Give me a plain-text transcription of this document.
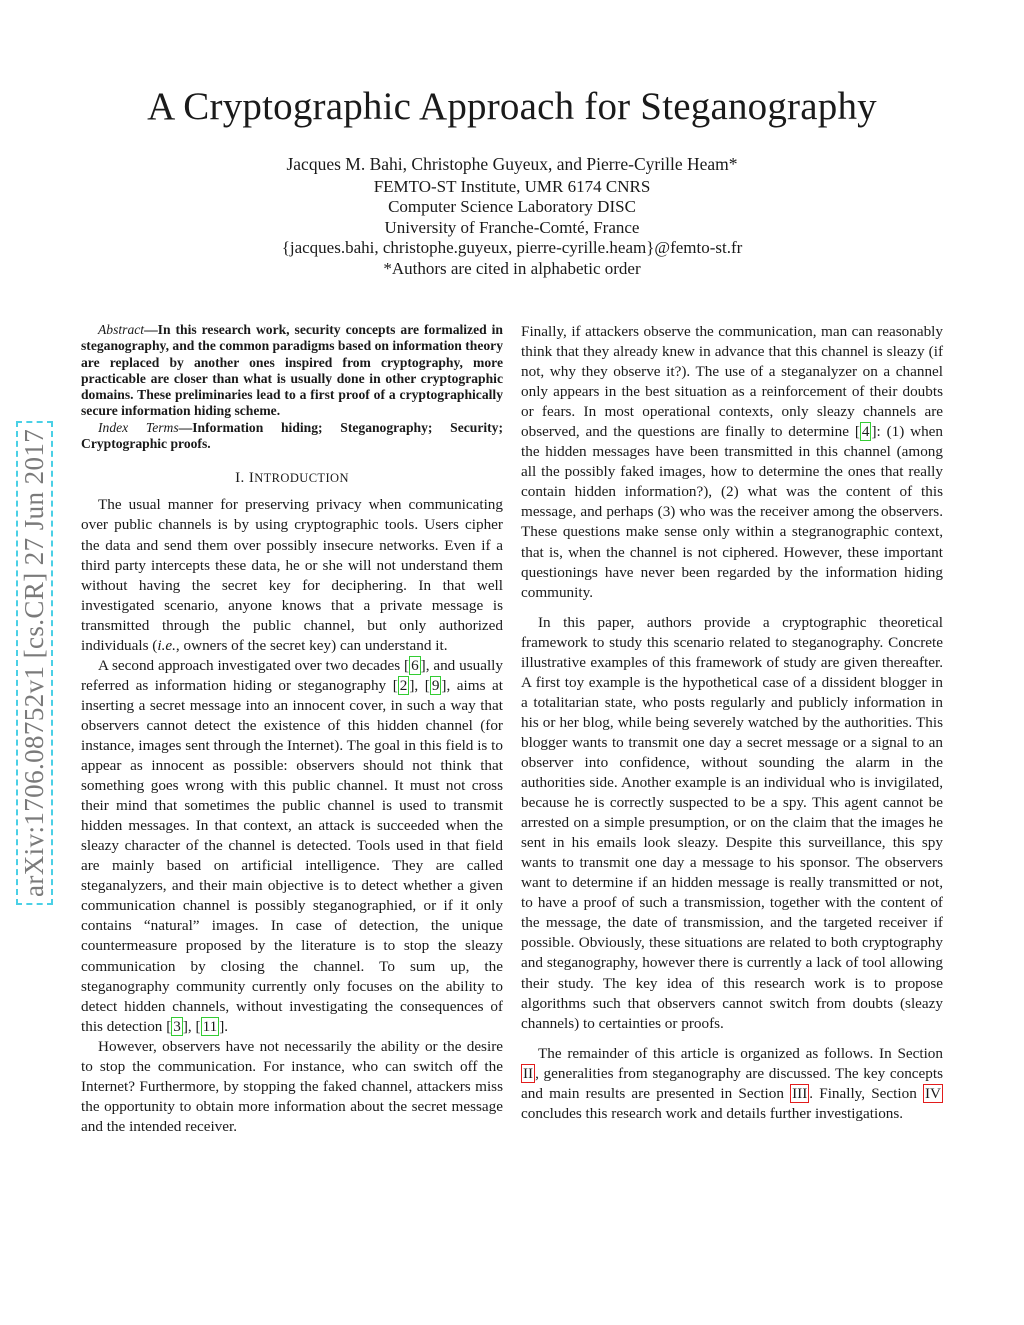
A Cryptographic Approach for Steganography
Jacques M. Bahi, Christophe Guyeux, and Pierre-Cyrille Heam*
FEMTO-ST Institute, UMR 6174 CNRS
Computer Science Laboratory DISC
University of Franche-Comté, France
{jacques.bahi, christophe.guyeux, pierre-cyrille.heam}@femto-st.fr
*Authors are cited in alphabetic order
arXiv:1706.08752v1 [cs.CR] 27 Jun 2017

Abstract—In this research work, security concepts are formalized in steganography, and the common paradigms based on information theory are replaced by another ones inspired from cryptography, more practicable are closer than what is usually done in other cryptographic domains. These preliminaries lead to a first proof of a cryptographically secure information hiding scheme.

Index Terms—Information hiding; Steganography; Security; Cryptographic proofs.

I. INTRODUCTION

The usual manner for preserving privacy when communicating over public channels is by using cryptographic tools. Users cipher the data and send them over possibly insecure networks. Even if a third party intercepts these data, he or she will not understand them without having the secret key for deciphering. In that well investigated scenario, anyone knows that a private message is transmitted through the public channel, but only authorized individuals (i.e., owners of the secret key) can understand it.

A second approach investigated over two decades [ 6 ], and usually referred as information hiding or steganography [ 2 ], [ 9 ], aims at inserting a secret message into an innocent cover, in such a way that observers cannot detect the existence of this hidden channel (for instance, images sent through the Internet). The goal in this field is to appear as innocent as possible: observers should not think that something goes wrong with this public channel. It must not cross their mind that sometimes the public channel is used to transmit hidden messages. In that context, an attack is succeeded when the sleazy character of the channel is detected. Tools used in that field are mainly based on artificial intelligence. They are called steganalyzers, and their main objective is to detect whether a given communication channel is possibly steganographied, or if it only contains “natural” images. In case of detection, the unique countermeasure proposed by the literature is to stop the sleazy communication by closing the channel. To sum up, the steganography community currently only focuses on the ability to detect hidden channels, without investigating the consequences of this detection [ 3 ], [ 11 ].

However, observers have not necessarily the ability or the desire to stop the communication. For instance, who can switch off the Internet? Furthermore, by stopping the faked channel, attackers miss the opportunity to obtain more information about the secret message and the intended receiver.

Finally, if attackers observe the communication, man can reasonably think that they already knew in advance that this channel is sleazy (if not, why they observe it?). The use of a steganalyzer on a channel only appears in the best situation as a reinforcement of their doubts or fears. In most operational contexts, only sleazy channels are observed, and the questions are finally to determine [ 4 ]: (1) when the hidden messages have been transmitted in this channel (among all the possibly faked images, how to determine the ones that really contain hidden information?), (2) what was the content of this message, and perhaps (3) who was the receiver among the observers. These questions make sense only within a stegranographic context, that is, when the channel is not ciphered. However, these important questionings have never been regarded by the information hiding community.

In this paper, authors provide a cryptographic theoretical framework to study this scenario related to steganography. Concrete illustrative examples of this framework of study are given thereafter. A first toy example is the hypothetical case of a dissident blogger in a totalitarian state, who posts regularly and publicly information in his or her blog, while being severely watched by the authorities. This blogger wants to transmit one day a secret message or a signal to an observer into confidence, without sounding the alarm in the authorities side. Another example is an individual who is invigilated, because he is correctly suspected to be a spy. This agent cannot be arrested on a simple presumption, or on the claim that the images he sent in his emails look sleazy. Despite this surveillance, this spy wants to transmit one day a message to his sponsor. The observers want to determine if an hidden message is really transmitted or not, to have a proof of such a transmission, together with the content of the message, the date of transmission, and the targeted receiver if possible. Obviously, these situations are related to both cryptography and steganography, however there is currently a lack of tool allowing their study. The key idea of this research work is to propose algorithms such that observers cannot switch from doubts (sleazy channels) to certainties or proofs.

The remainder of this article is organized as follows. In Section II , generalities from steganography are discussed. The key concepts and main results are presented in Section III . Finally, Section IV concludes this research work and details further investigations.
